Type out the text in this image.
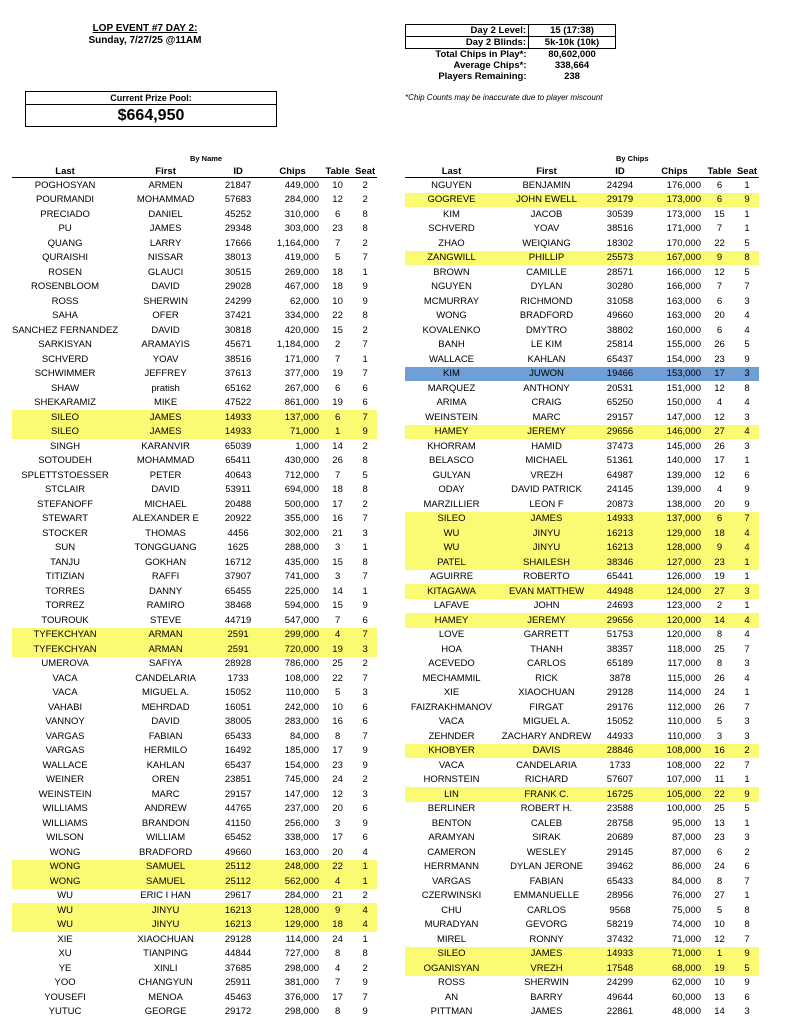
LOP EVENT #7 DAY 2:
Sunday, 7/27/25 @11AM
Day 2 Level:	15 (17:38)
Day 2 Blinds:	5k-10k (10k)
Total Chips in Play*:	80,602,000
Average Chips*:	338,664
Players Remaining:	238
*Chip Counts may be inaccurate due to player miscount
Current Prize Pool:
$664,950
By Name	By Chips
Last	First	ID	Chips	Table	Seat
POGHOSYAN	ARMEN	21847	449,000	10	2
POURMANDI	MOHAMMAD	57683	284,000	12	2
PRECIADO	DANIEL	45252	310,000	6	8
PU	JAMES	29348	303,000	23	8
QUANG	LARRY	17666	1,164,000	7	2
QURAISHI	NISSAR	38013	419,000	5	7
ROSEN	GLAUCI	30515	269,000	18	1
ROSENBLOOM	DAVID	29028	467,000	18	9
ROSS	SHERWIN	24299	62,000	10	9
SAHA	OFER	37421	334,000	22	8
SANCHEZ FERNANDEZ	DAVID	30818	420,000	15	2
SARKISYAN	ARAMAYIS	45671	1,184,000	2	7
SCHVERD	YOAV	38516	171,000	7	1
SCHWIMMER	JEFFREY	37613	377,000	19	7
SHAW	pratish	65162	267,000	6	6
SHEKARAMIZ	MIKE	47522	861,000	19	6
SILEO	JAMES	14933	137,000	6	7
SILEO	JAMES	14933	71,000	1	9
SINGH	KARANVIR	65039	1,000	14	2
SOTOUDEH	MOHAMMAD	65411	430,000	26	8
SPLETTSTOESSER	PETER	40643	712,000	7	5
STCLAIR	DAVID	53911	694,000	18	8
STEFANOFF	MICHAEL	20488	500,000	17	2
STEWART	ALEXANDER E	20922	355,000	16	7
STOCKER	THOMAS	4456	302,000	21	3
SUN	TONGGUANG	1625	288,000	3	1
TANJU	GOKHAN	16712	435,000	15	8
TITIZIAN	RAFFI	37907	741,000	3	7
TORRES	DANNY	65455	225,000	14	1
TORREZ	RAMIRO	38468	594,000	15	9
TOUROUK	STEVE	44719	547,000	7	6
TYFEKCHYAN	ARMAN	2591	299,000	4	7
TYFEKCHYAN	ARMAN	2591	720,000	19	3
UMEROVA	SAFIYA	28928	786,000	25	2
VACA	CANDELARIA	1733	108,000	22	7
VACA	MIGUEL A.	15052	110,000	5	3
VAHABI	MEHRDAD	16051	242,000	10	6
VANNOY	DAVID	38005	283,000	16	6
VARGAS	FABIAN	65433	84,000	8	7
VARGAS	HERMILO	16492	185,000	17	9
WALLACE	KAHLAN	65437	154,000	23	9
WEINER	OREN	23851	745,000	24	2
WEINSTEIN	MARC	29157	147,000	12	3
WILLIAMS	ANDREW	44765	237,000	20	6
WILLIAMS	BRANDON	41150	256,000	3	9
WILSON	WILLIAM	65452	338,000	17	6
WONG	BRADFORD	49660	163,000	20	4
WONG	SAMUEL	25112	248,000	22	1
WONG	SAMUEL	25112	562,000	4	1
WU	ERIC I HAN	29617	284,000	21	2
WU	JINYU	16213	128,000	9	4
WU	JINYU	16213	129,000	18	4
XIE	XIAOCHUAN	29128	114,000	24	1
XU	TIANPING	44844	727,000	8	8
YE	XINLI	37685	298,000	4	2
YOO	CHANGYUN	25911	381,000	7	9
YOUSEFI	MENOA	45463	376,000	17	7
YUTUC	GEORGE	29172	298,000	8	9
Last	First	ID	Chips	Table	Seat
NGUYEN	BENJAMIN	24294	176,000	6	1
GOGREVE	JOHN EWELL	29179	173,000	6	9
KIM	JACOB	30539	173,000	15	1
SCHVERD	YOAV	38516	171,000	7	1
ZHAO	WEIQIANG	18302	170,000	22	5
ZANGWILL	PHILLIP	25573	167,000	9	8
BROWN	CAMILLE	28571	166,000	12	5
NGUYEN	DYLAN	30280	166,000	7	7
MCMURRAY	RICHMOND	31058	163,000	6	3
WONG	BRADFORD	49660	163,000	20	4
KOVALENKO	DMYTRO	38802	160,000	6	4
BANH	LE KIM	25814	155,000	26	5
WALLACE	KAHLAN	65437	154,000	23	9
KIM	JUWON	19466	153,000	17	3
MARQUEZ	ANTHONY	20531	151,000	12	8
ARIMA	CRAIG	65250	150,000	4	4
WEINSTEIN	MARC	29157	147,000	12	3
HAMEY	JEREMY	29656	146,000	27	4
KHORRAM	HAMID	37473	145,000	26	3
BELASCO	MICHAEL	51361	140,000	17	1
GULYAN	VREZH	64987	139,000	12	6
ODAY	DAVID PATRICK	24145	139,000	4	9
MARZILLIER	LEON F	20873	138,000	20	9
SILEO	JAMES	14933	137,000	6	7
WU	JINYU	16213	129,000	18	4
WU	JINYU	16213	128,000	9	4
PATEL	SHAILESH	38346	127,000	23	1
AGUIRRE	ROBERTO	65441	126,000	19	1
KITAGAWA	EVAN MATTHEW	44948	124,000	27	3
LAFAVE	JOHN	24693	123,000	2	1
HAMEY	JEREMY	29656	120,000	14	4
LOVE	GARRETT	51753	120,000	8	4
HOA	THANH	38357	118,000	25	7
ACEVEDO	CARLOS	65189	117,000	8	3
MECHAMMIL	RICK	3878	115,000	26	4
XIE	XIAOCHUAN	29128	114,000	24	1
FAIZRAKHMANOV	FIRGAT	29176	112,000	26	7
VACA	MIGUEL A.	15052	110,000	5	3
ZEHNDER	ZACHARY ANDREW	44933	110,000	3	3
KHOBYER	DAVIS	28846	108,000	16	2
VACA	CANDELARIA	1733	108,000	22	7
HORNSTEIN	RICHARD	57607	107,000	11	1
LIN	FRANK C.	16725	105,000	22	9
BERLINER	ROBERT H.	23588	100,000	25	5
BENTON	CALEB	28758	95,000	13	1
ARAMYAN	SIRAK	20689	87,000	23	3
CAMERON	WESLEY	29145	87,000	6	2
HERRMANN	DYLAN JERONE	39462	86,000	24	6
VARGAS	FABIAN	65433	84,000	8	7
CZERWINSKI	EMMANUELLE	28956	76,000	27	1
CHU	CARLOS	9568	75,000	5	8
MURADYAN	GEVORG	58219	74,000	10	8
MIREL	RONNY	37432	71,000	12	7
SILEO	JAMES	14933	71,000	1	9
OGANISYAN	VREZH	17548	68,000	19	5
ROSS	SHERWIN	24299	62,000	10	9
AN	BARRY	49644	60,000	13	6
PITTMAN	JAMES	22861	48,000	14	3
